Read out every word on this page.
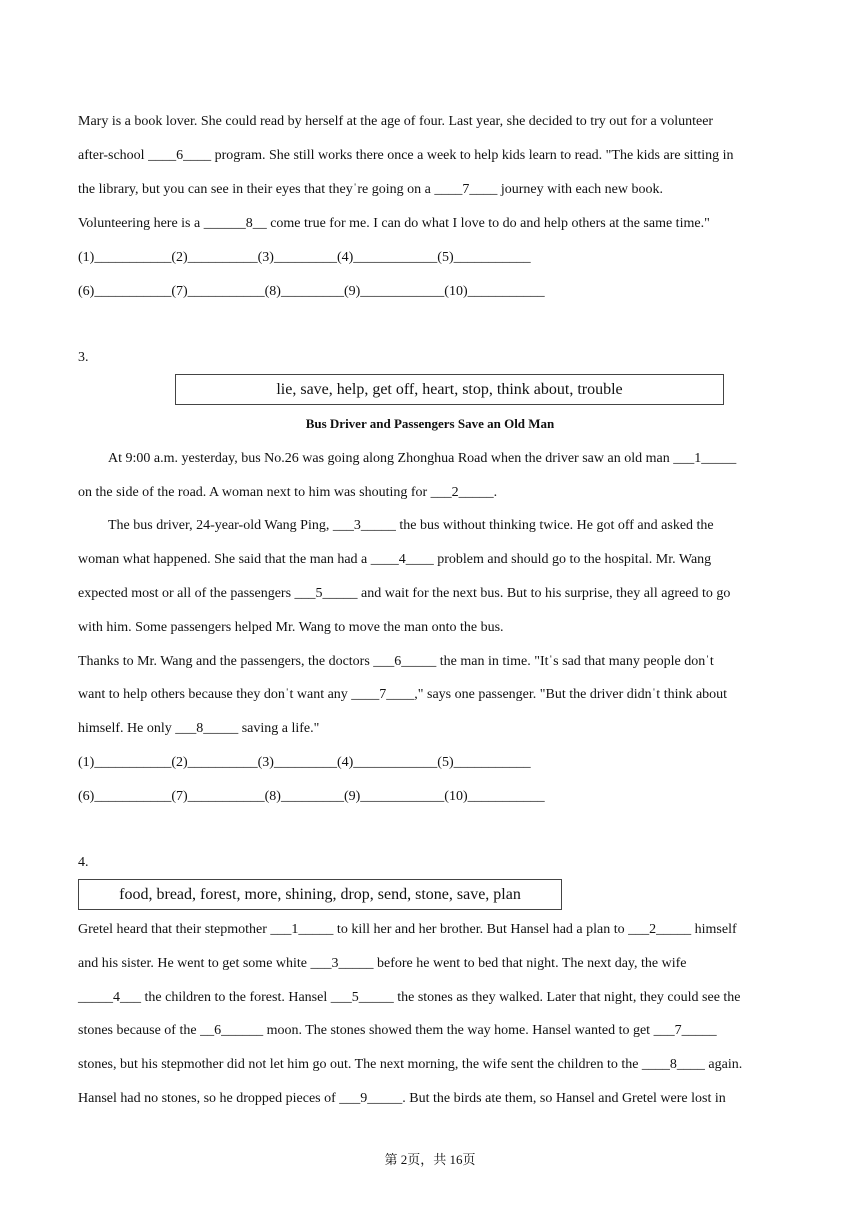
Mary is a book lover. She could read by herself at the age of four. Last year, she decided to try out for a volunteer
after-school ____6____ program. She still works there once a week to help kids learn to read. "The kids are sitting in
the library, but you can see in their eyes that theyˈre going on a ____7____ journey with each new book.
Volunteering here is a ______8__ come true for me. I can do what I love to do and help others at the same time."
(1)___________(2)__________(3)_________(4)____________(5)___________
(6)___________(7)___________(8)_________(9)____________(10)___________
3.
lie, save, help, get off, heart, stop, think about, trouble
Bus Driver and Passengers Save an Old Man
At 9:00 a.m. yesterday, bus No.26 was going along Zhonghua Road when the driver saw an old man ___1_____
on the side of the road. A woman next to him was shouting for ___2_____.
The bus driver, 24-year-old Wang Ping, ___3_____ the bus without thinking twice. He got off and asked the
woman what happened. She said that the man had a ____4____ problem and should go to the hospital. Mr. Wang
expected most or all of the passengers ___5_____ and wait for the next bus. But to his surprise, they all agreed to go
with him. Some passengers helped Mr. Wang to move the man onto the bus.
Thanks to Mr. Wang and the passengers, the doctors ___6_____ the man in time. "Itˈs sad that many people donˈt
want to help others because they donˈt want any ____7____," says one passenger. "But the driver didnˈt think about
himself. He only ___8_____ saving a life."
(1)___________(2)__________(3)_________(4)____________(5)___________
(6)___________(7)___________(8)_________(9)____________(10)___________
4.
food, bread, forest, more, shining, drop, send, stone, save, plan
Gretel heard that their stepmother ___1_____ to kill her and her brother. But Hansel had a plan to ___2_____ himself
and his sister. He went to get some white ___3_____ before he went to bed that night. The next day, the wife
_____4___ the children to the forest. Hansel ___5_____ the stones as they walked. Later that night, they could see the
stones because of the __6______ moon. The stones showed them the way home. Hansel wanted to get ___7_____
stones, but his stepmother did not let him go out. The next morning, the wife sent the children to the ____8____ again.
Hansel had no stones, so he dropped pieces of ___9_____. But the birds ate them, so Hansel and Gretel were lost in
第 2页，共 16页
